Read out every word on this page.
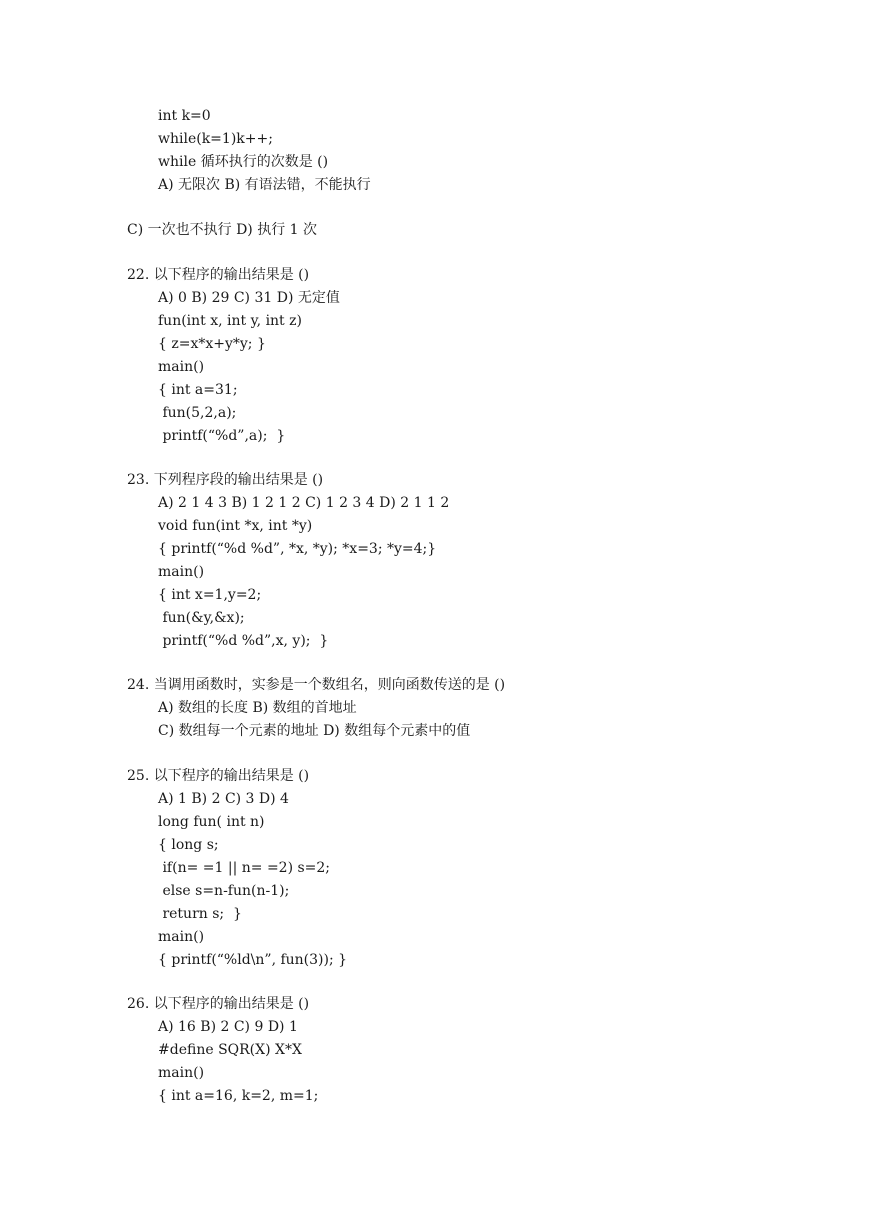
int k=0
while(k=1)k++;
while 循环执行的次数是 ()
A) 无限次 B) 有语法错，不能执行
C) 一次也不执行 D) 执行 1 次
22. 以下程序的输出结果是 ()
A) 0 B) 29 C) 31 D) 无定值
fun(int x, int y, int z)
{ z=x*x+y*y; }
main()
{ int a=31;
fun(5,2,a);
printf(“%d”,a);  }
23. 下列程序段的输出结果是 ()
A) 2 1 4 3 B) 1 2 1 2 C) 1 2 3 4 D) 2 1 1 2
void fun(int *x, int *y)
{ printf(“%d %d”, *x, *y); *x=3; *y=4;}
main()
{ int x=1,y=2;
fun(&y,&x);
printf(“%d %d”,x, y);  }
24. 当调用函数时，实参是一个数组名，则向函数传送的是 ()
A) 数组的长度 B) 数组的首地址
C) 数组每一个元素的地址 D) 数组每个元素中的值
25. 以下程序的输出结果是 ()
A) 1 B) 2 C) 3 D) 4
long fun( int n)
{ long s;
if(n= =1 || n= =2) s=2;
else s=n-fun(n-1);
return s;  }
main()
{ printf(“%ld\n”, fun(3)); }
26. 以下程序的输出结果是 ()
A) 16 B) 2 C) 9 D) 1
#define SQR(X) X*X
main()
{ int a=16, k=2, m=1;
